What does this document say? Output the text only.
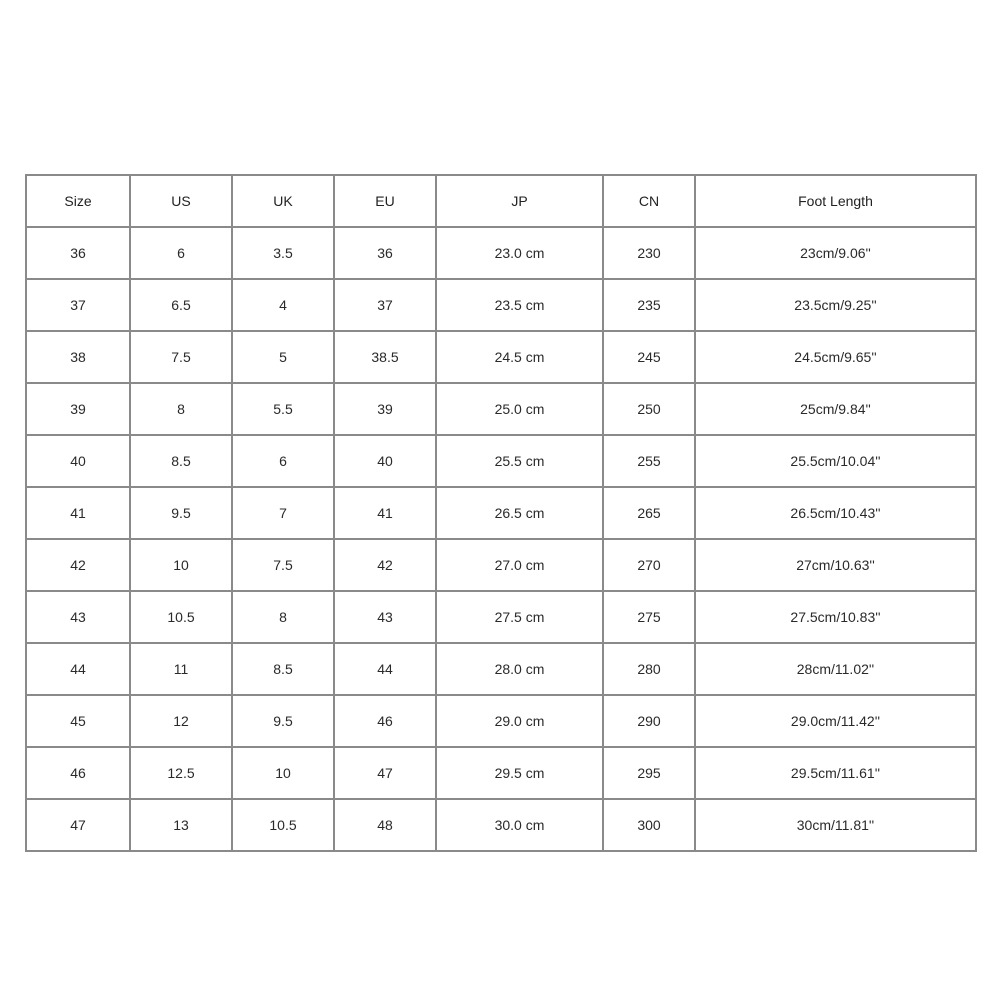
Size	US	UK	EU	JP	CN	Foot Length
36	6	3.5	36	23.0 cm	230	23cm/9.06''
37	6.5	4	37	23.5 cm	235	23.5cm/9.25''
38	7.5	5	38.5	24.5 cm	245	24.5cm/9.65''
39	8	5.5	39	25.0 cm	250	25cm/9.84''
40	8.5	6	40	25.5 cm	255	25.5cm/10.04''
41	9.5	7	41	26.5 cm	265	26.5cm/10.43''
42	10	7.5	42	27.0 cm	270	27cm/10.63''
43	10.5	8	43	27.5 cm	275	27.5cm/10.83''
44	11	8.5	44	28.0 cm	280	28cm/11.02''
45	12	9.5	46	29.0 cm	290	29.0cm/11.42''
46	12.5	10	47	29.5 cm	295	29.5cm/11.61''
47	13	10.5	48	30.0 cm	300	30cm/11.81''
